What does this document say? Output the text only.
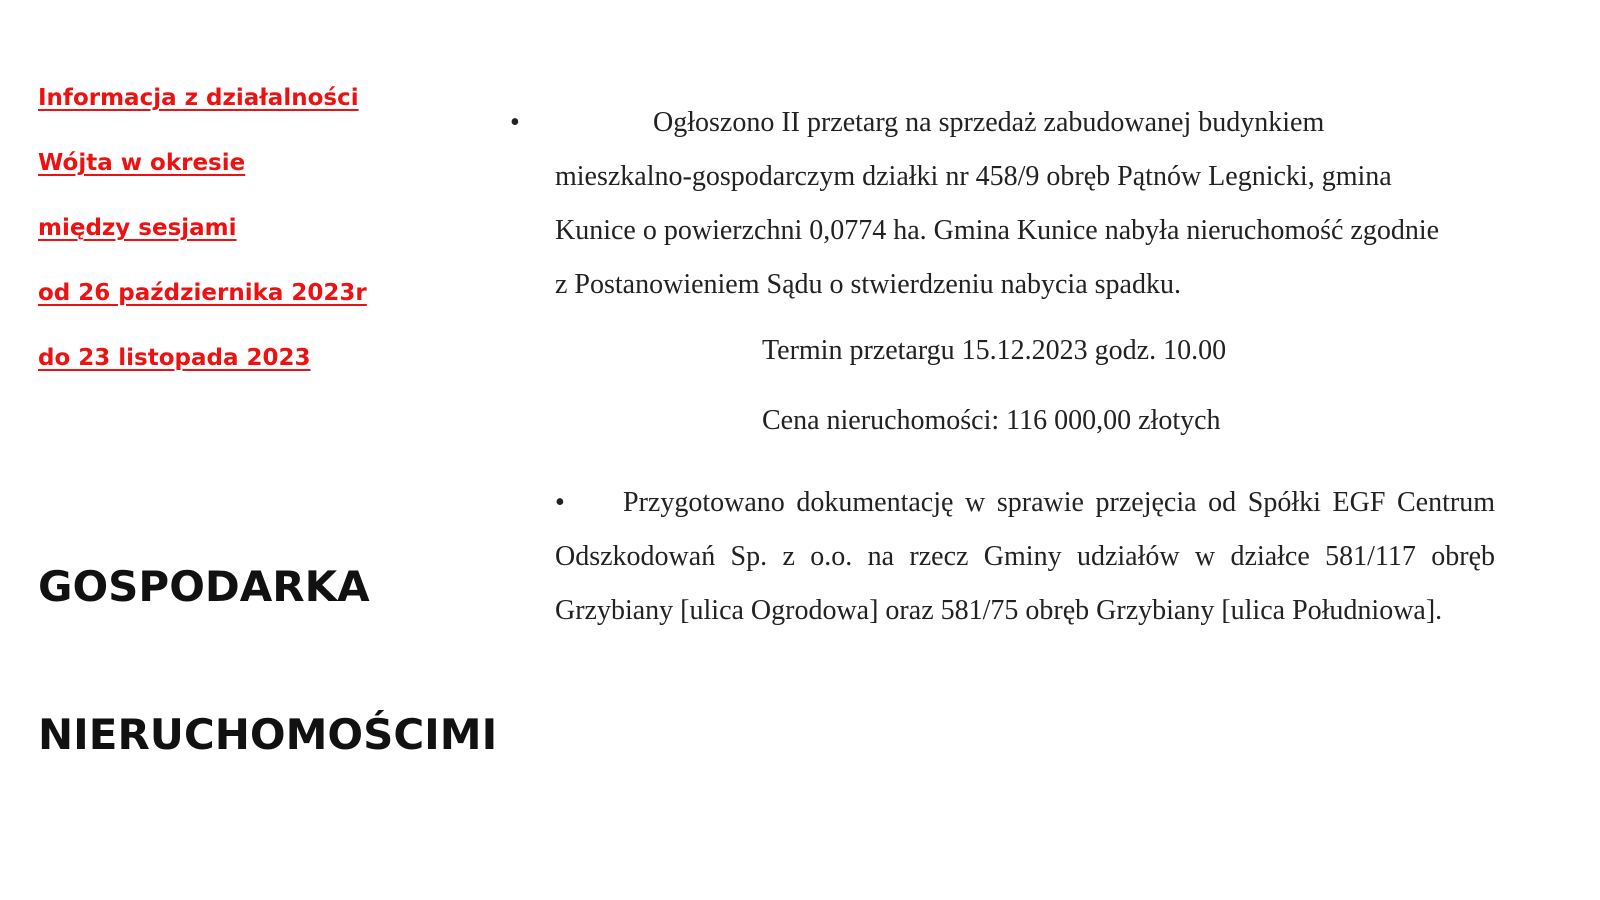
Informacja z działalności
Wójta w okresie
między sesjami
od 26 października 2023r
do 23 listopada 2023
GOSPODARKA
NIERUCHOMOŚCIMI
•	Ogłoszono II przetarg na sprzedaż zabudowanej budynkiem mieszkalno-gospodarczym działki nr 458/9 obręb Pątnów Legnicki, gmina Kunice o powierzchni 0,0774 ha. Gmina Kunice nabyła nieruchomość zgodnie z Postanowieniem Sądu o stwierdzeniu nabycia spadku.
Termin przetargu 15.12.2023 godz. 10.00
Cena nieruchomości: 116 000,00 złotych
• Przygotowano dokumentację w sprawie przejęcia od Spółki EGF Centrum Odszkodowań Sp. z o.o. na rzecz Gminy udziałów w działce 581/117 obręb Grzybiany [ulica Ogrodowa] oraz 581/75 obręb Grzybiany [ulica Południowa].
